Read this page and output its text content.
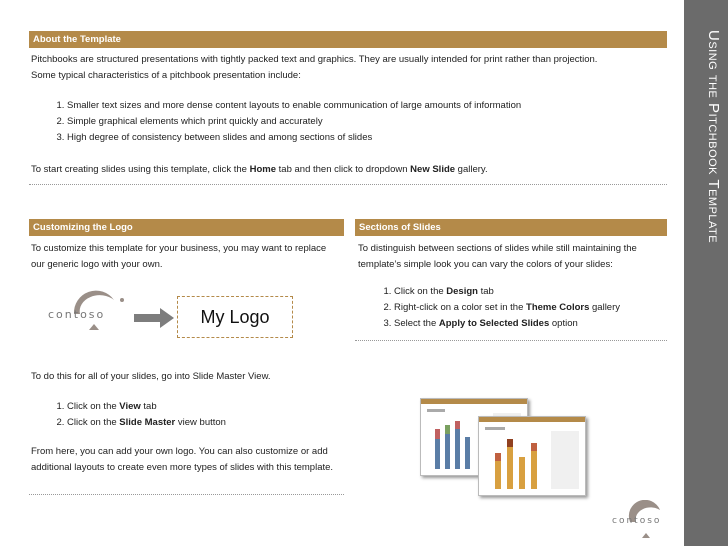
Using the Pitchbook Template
About the Template
Pitchbooks are structured presentations with tightly packed text and graphics. They are usually intended for print rather than projection.
Some typical characteristics of a pitchbook presentation include:
1. Smaller text sizes and more dense content layouts to enable communication of large amounts of information
2. Simple graphical elements which print quickly and accurately
3. High degree of consistency between slides and among sections of slides
To start creating slides using this template, click the Home tab and then click to dropdown New Slide gallery.
Customizing the Logo
To customize this template for your business, you may want to replace our generic logo with your own.
contoso	My Logo
To do this for all of your slides, go into Slide Master View.
1. Click on the View tab
2. Click on the Slide Master view button
From here, you can add your own logo. You can also customize or add additional layouts to create even more types of slides with this template.
Sections of Slides
To distinguish between sections of slides while still maintaining the template’s simple look you can vary the colors of your slides:
1. Click on the Design tab
2. Right-click on a color set in the Theme Colors gallery
3. Select the Apply to Selected Slides option
contoso
